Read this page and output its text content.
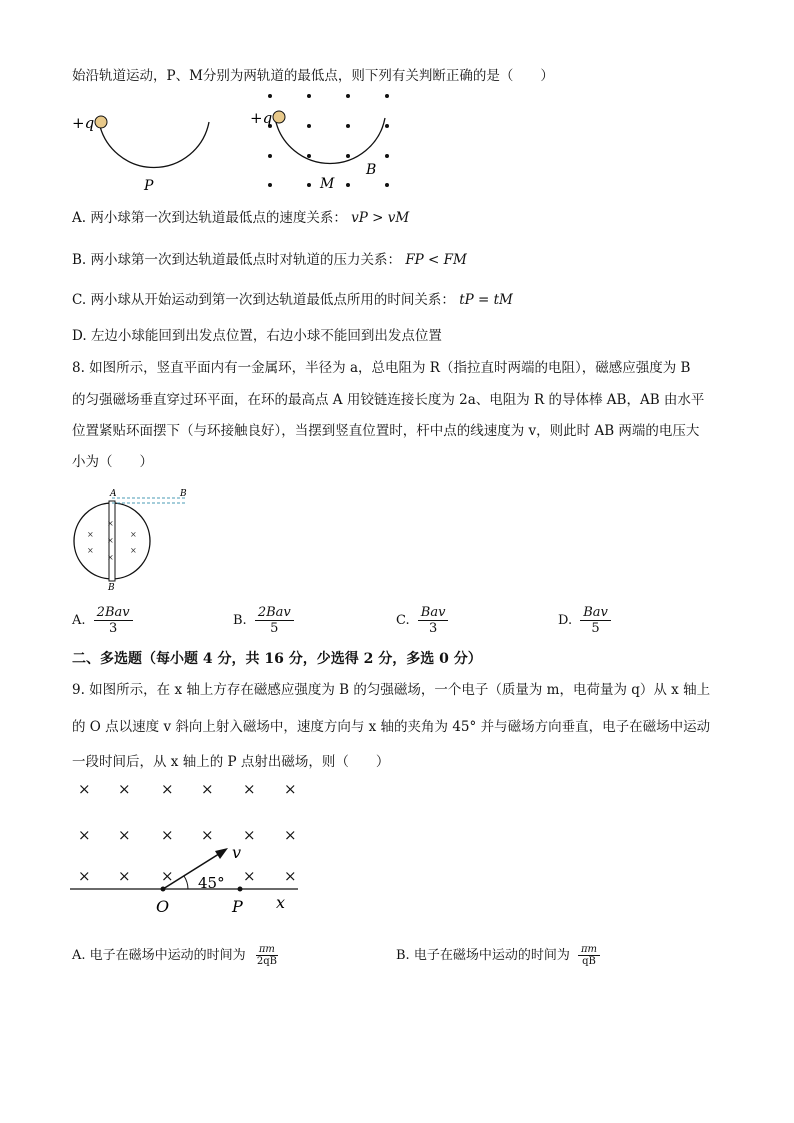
始沿轨道运动，P、M分别为两轨道的最低点，则下列有关判断正确的是（　　）
+q
P
+q
M
B
A. 两小球第一次到达轨道最低点的速度关系： vP > vM
B. 两小球第一次到达轨道最低点时对轨道的压力关系： FP < FM
C. 两小球从开始运动到第一次到达轨道最低点所用的时间关系： tP = tM
D. 左边小球能回到出发点位置，右边小球不能回到出发点位置
8. 如图所示，竖直平面内有一金属环，半径为 a，总电阻为 R（指拉直时两端的电阻），磁感应强度为 B
的匀强磁场垂直穿过环平面，在环的最高点 A 用铰链连接长度为 2a、电阻为 R 的导体棒 AB，AB 由水平
位置紧贴环面摆下（与环接触良好），当摆到竖直位置时，杆中点的线速度为 v，则此时 AB 两端的电压大
小为（　　）
A	B
B
×
×
×
×
×
×
×
A. $\frac{\text{2Bav}}{3}$	B. $\frac{\text{2Bav}}{5}$	C. $\frac{\text{Bav}}{3}$	D. $\frac{\text{Bav}}{5}$
二、多选题（每小题 4 分，共 16 分，少选得 2 分，多选 0 分）
9. 如图所示，在 x 轴上方存在磁感应强度为 B 的匀强磁场，一个电子（质量为 m，电荷量为 q）从 x 轴上
的 O 点以速度 v 斜向上射入磁场中，速度方向与 x 轴的夹角为 45° 并与磁场方向垂直，电子在磁场中运动
一段时间后，从 x 轴上的 P 点射出磁场，则（　　）
× × × × × ×
× × × × × ×
× × ×	× ×
v
45°
O	P x
A. 电子在磁场中运动的时间为 $\frac{\pi m}{2qB}$	B. 电子在磁场中运动的时间为 $\frac{\pi m}{qB}$
